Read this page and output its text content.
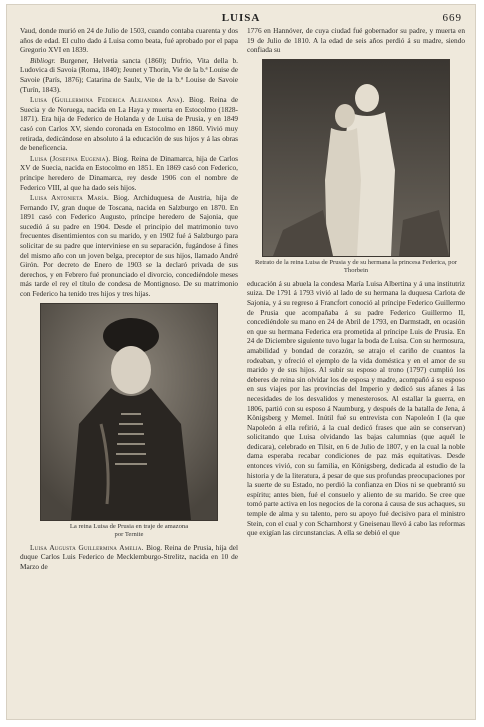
LUISA	669

Vaud, donde murió en 24 de Julio de 1503, cuando contaba cuarenta y dos años de edad. El culto dado á Luisa como beata, fué aprobado por el papa Gregorio XVI en 1839.

Bibliogr. Burgener, Helvetia sancta (1860); Dufrio, Vita della b. Ludovica di Savoia (Roma, 1840); Jeunet y Thorin, Vie de la b.ª Louise de Savoie (París, 1876); Catarina de Saulx, Vie de la b.ª Louise de Savoie (Turín, 1843).

Luisa (Guillermina Federica Alejandra Ana). Biog. Reina de Suecia y de Noruega, nacida en La Haya y muerta en Estocolmo (1828-1871). Era hija de Federico de Holanda y de Luisa de Prusia, y en 1849 casó con Carlos XV, siendo coronada en Estocolmo en 1860. Vivió muy retirada, dedicándose en absoluto á la educación de sus hijos y á las obras de beneficencia.

Luisa (Josefina Eugenia). Biog. Reina de Dinamarca, hija de Carlos XV de Suecia, nacida en Estocolmo en 1851. En 1869 casó con Federico, príncipe heredero de Dinamarca, rey desde 1906 con el nombre de Federico VIII, al que ha dado seis hijos.

Luisa Antonieta María. Biog. Archiduquesa de Austria, hija de Fernando IV, gran duque de Toscana, nacida en Salzburgo en 1870. En 1891 casó con Federico Augusto, príncipe heredero de Sajonia, que sucedió á su padre en 1904. Desde el principio del matrimonio tuvo frecuentes disentimientos con su marido, y en 1902 fué á Salzburgo para solicitar de su padre que interviniese en su separación, fugándose á fines del mismo año con un joven belga, preceptor de sus hijos, llamado André Girón. Por decreto de Enero de 1903 se la declaró privada de sus derechos, y en Febrero fué pronunciado el divorcio, concediéndole meses más tarde el rey el título de condesa de Montignoso. De su matrimonio con Federico ha tenido tres hijos y tres hijas.

La reina Luisa de Prusia en traje de amazona
por Ternite

Luisa Augusta Guillermina Amelia. Biog. Reina de Prusia, hija del duque Carlos Luis Federico de Mecklemburgo-Strelitz, nacida en 10 de Marzo de

1776 en Hannóver, de cuya ciudad fué gobernador su padre, y muerta en 19 de Julio de 1810. A la edad de seis años perdió á su madre, siendo confiada su

Retrato de la reina Luisa de Prusia y de su hermana la princesa Federica, por Thorbein

educación á su abuela la condesa María Luisa Albertina y á una institutriz suiza. De 1791 á 1793 vivió al lado de su hermana la duquesa Carlota de Sajonia, y á su regreso á Francfort conoció al príncipe Federico Guillermo de Prusia que acompañaba á su padre Federico Guillermo II, concediéndole su mano en 24 de Abril de 1793, en Darmstadt, en ocasión en que su hermana Federica era prometida al príncipe Luis de Prusia. En 24 de Diciembre siguiente tuvo lugar la boda de Luisa. Con su hermosura, amabilidad y bondad de corazón, se atrajo el cariño de cuantos la rodeaban, y ofreció el ejemplo de la vida doméstica y en el amor de su marido y de sus hijos. Al subir su esposo al trono (1797) cumplió los deberes de reina sin olvidar los de esposa y madre, acompañó á su esposo en sus viajes por las provincias del Imperio y dedicó sus afanes á las necesidades de los desvalidos y menesterosos. Al estallar la guerra, en 1806, partió con su esposo á Naumburg, y después de la batalla de Jena, á Königsberg y Memel. Inútil fué su entrevista con Napoleón I (la que Napoleón á ella refirió, á la cual dedicó frases que aún se conservan) solicitando que Luisa olvidando las bajas calumnias (que aquél le dedicara), celebrado en Tilsit, en 6 de Julio de 1807, y en la cual la noble dama esperaba recabar condiciones de paz más equitativas. Desde entonces vivió, con su familia, en Königsberg, dedicada al estudio de la historia y de la literatura, á pesar de que sus profundas preocupaciones por la suerte de su Estado, no perdió la confianza en Dios ni se quebrantó su espíritu; antes bien, fué el consuelo y aliento de su marido. Se cree que tomó parte activa en los negocios de la corona á causa de sus achaques, su temple de alma y su talento, pero su apoyo fué decisivo para el ministro Stein, con el cual y con Scharnhorst y Gneisenau llevó á cabo las reformas que exigían las circunstancias. A ella se debió el que
